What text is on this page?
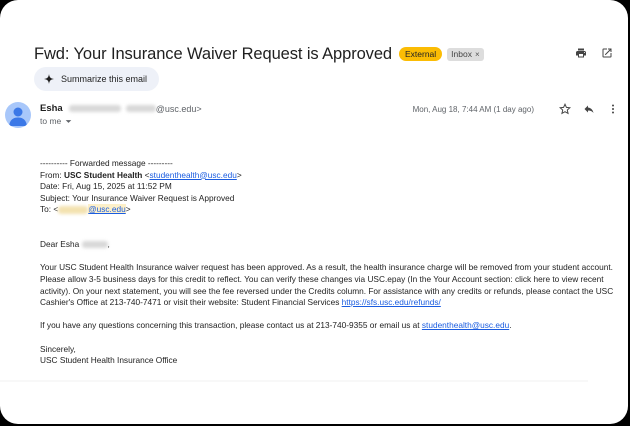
Fwd: Your Insurance Waiver Request is Approved	External	Inbox ×
Summarize this email
Esha	@usc.edu>
to me
Mon, Aug 18, 7:44 AM (1 day ago)

---------- Forwarded message ---------

From: USC Student Health <studenthealth@usc.edu>

Date: Fri, Aug 15, 2025 at 11:52 PM

Subject: Your Insurance Waiver Request is Approved

To: <	@usc.edu>

Dear Esha	,

Your USC Student Health Insurance waiver request has been approved. As a result, the health insurance charge will be removed from your student account. Please allow 3-5 business days for this credit to reflect. You can verify these changes via USC.epay (In the Your Account section: click here to view recent activity). On your next statement, you will see the fee reversed under the Credits column. For assistance with any credits or refunds, please contact the USC Cashier's Office at 213-740-7471 or visit their website: Student Financial Services https://sfs.usc.edu/refunds/

If you have any questions concerning this transaction, please contact us at 213-740-9355 or email us at studenthealth@usc.edu.

Sincerely,

USC Student Health Insurance Office
